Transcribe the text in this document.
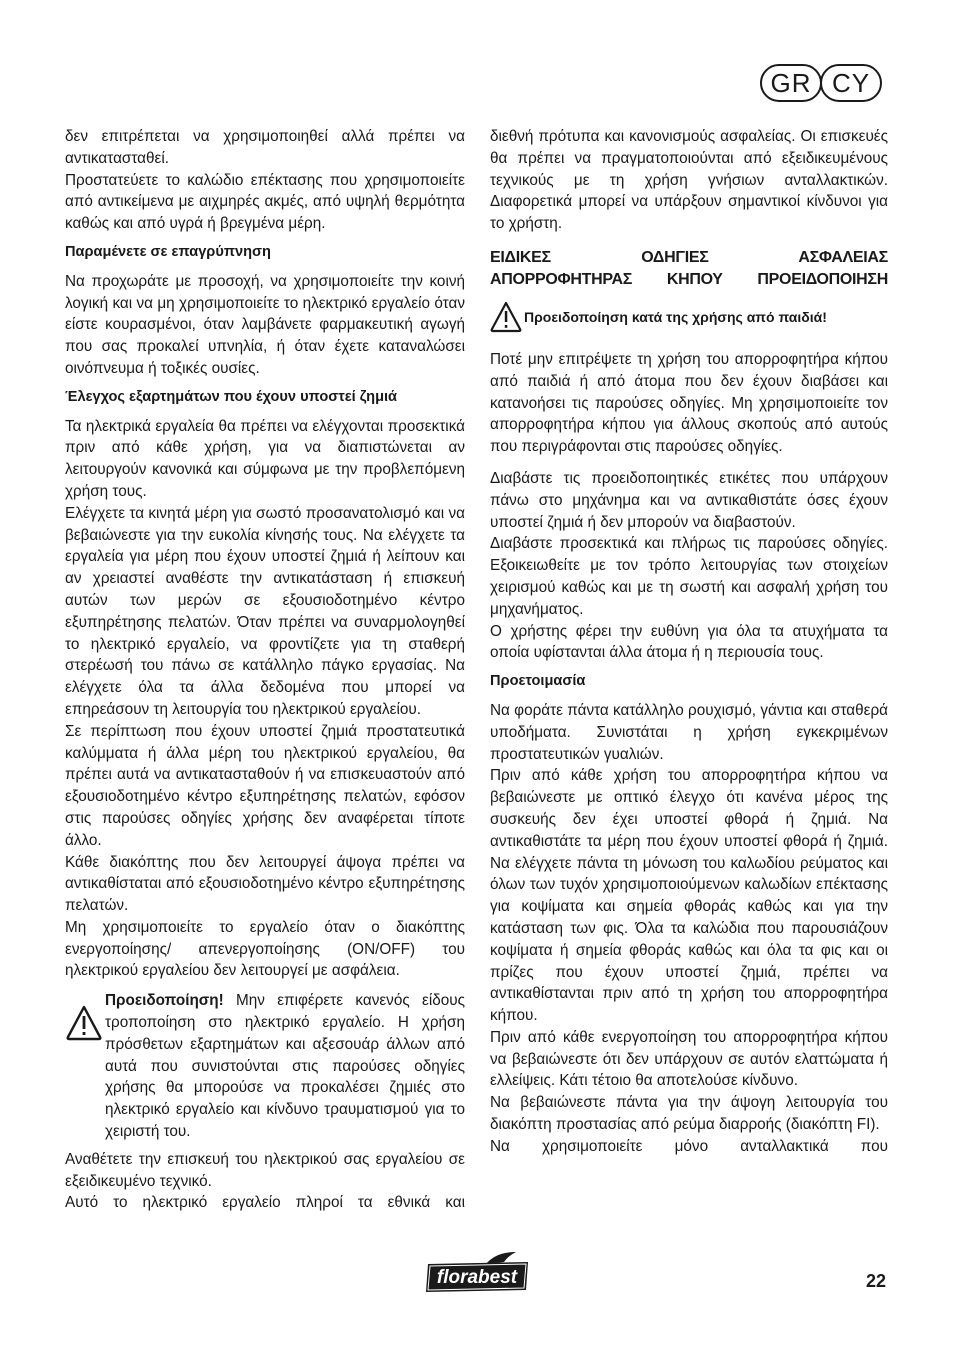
GR CY

δεν επιτρέπεται να χρησιμοποιηθεί αλλά πρέπει να αντικατασταθεί.

Προστατεύετε το καλώδιο επέκτασης που χρησιμοποιείτε από αντικείμενα με αιχμηρές ακμές, από υψηλή θερμότητα καθώς και από υγρά ή βρεγμένα μέρη.

Παραμένετε σε επαγρύπνηση

Να προχωράτε με προσοχή, να χρησιμοποιείτε την κοινή λογική και να μη χρησιμοποιείτε το ηλεκτρικό εργαλείο όταν είστε κουρασμένοι, όταν λαμβάνετε φαρμακευτική αγωγή που σας προκαλεί υπνηλία, ή όταν έχετε καταναλώσει οινόπνευμα ή τοξικές ουσίες.

Έλεγχος εξαρτημάτων που έχουν υποστεί ζημιά

Τα ηλεκτρικά εργαλεία θα πρέπει να ελέγχονται προσεκτικά πριν από κάθε χρήση, για να διαπιστώνεται αν λειτουργούν κανονικά και σύμφωνα με την προβλεπόμενη χρήση τους.

Ελέγχετε τα κινητά μέρη για σωστό προσανατολισμό και να βεβαιώνεστε για την ευκολία κίνησής τους. Να ελέγχετε τα εργαλεία για μέρη που έχουν υποστεί ζημιά ή λείπουν και αν χρειαστεί αναθέστε την αντικατάσταση ή επισκευή αυτών των μερών σε εξουσιοδοτημένο κέντρο εξυπηρέτησης πελατών. Όταν πρέπει να συναρμολογηθεί το ηλεκτρικό εργαλείο, να φροντίζετε για τη σταθερή στερέωσή του πάνω σε κατάλληλο πάγκο εργασίας. Να ελέγχετε όλα τα άλλα δεδομένα που μπορεί να επηρεάσουν τη λειτουργία του ηλεκτρικού εργαλείου.

Σε περίπτωση που έχουν υποστεί ζημιά προστατευτικά καλύμματα ή άλλα μέρη του ηλεκτρικού εργαλείου, θα πρέπει αυτά να αντικατασταθούν ή να επισκευαστούν από εξουσιοδοτημένο κέντρο εξυπηρέτησης πελατών, εφόσον στις παρούσες οδηγίες χρήσης δεν αναφέρεται τίποτε άλλο.

Κάθε διακόπτης που δεν λειτουργεί άψογα πρέπει να αντικαθίσταται από εξουσιοδοτημένο κέντρο εξυπηρέτησης πελατών.

Μη χρησιμοποιείτε το εργαλείο όταν ο διακόπτης ενεργοποίησης/ απενεργοποίησης (ON/OFF) του ηλεκτρικού εργαλείου δεν λειτουργεί με ασφάλεια.

Προειδοποίηση! Μην επιφέρετε κανενός είδους τροποποίηση στο ηλεκτρικό εργαλείο. Η χρήση πρόσθετων εξαρτημάτων και αξεσουάρ άλλων από αυτά που συνιστούνται στις παρούσες οδηγίες χρήσης θα μπορούσε να προκαλέσει ζημιές στο ηλεκτρικό εργαλείο και κίνδυνο τραυματισμού για το χειριστή του.

Αναθέτετε την επισκευή του ηλεκτρικού σας εργαλείου σε εξειδικευμένο τεχνικό.

Αυτό το ηλεκτρικό εργαλείο πληροί τα εθνικά και

διεθνή πρότυπα και κανονισμούς ασφαλείας. Οι επισκευές θα πρέπει να πραγματοποιούνται από εξειδικευμένους τεχνικούς με τη χρήση γνήσιων ανταλλακτικών. Διαφορετικά μπορεί να υπάρξουν σημαντικοί κίνδυνοι για το χρήστη.

ΕΙΔΙΚΕΣ ΟΔΗΓΙΕΣ ΑΣΦΑΛΕΙΑΣ
ΑΠΟΡΡΟΦΗΤΗΡΑΣ ΚΗΠΟΥ ΠΡΟΕΙΔΟΠΟΙΗΣΗ
Προειδοποίηση κατά της χρήσης από παιδιά!

Ποτέ μην επιτρέψετε τη χρήση του απορροφητήρα κήπου από παιδιά ή από άτομα που δεν έχουν διαβάσει και κατανοήσει τις παρούσες οδηγίες. Μη χρησιμοποιείτε τον απορροφητήρα κήπου για άλλους σκοπούς από αυτούς που περιγράφονται στις παρούσες οδηγίες.

Διαβάστε τις προειδοποιητικές ετικέτες που υπάρχουν πάνω στο μηχάνημα και να αντικαθιστάτε όσες έχουν υποστεί ζημιά ή δεν μπορούν να διαβαστούν.

Διαβάστε προσεκτικά και πλήρως τις παρούσες οδηγίες. Εξοικειωθείτε με τον τρόπο λειτουργίας των στοιχείων χειρισμού καθώς και με τη σωστή και ασφαλή χρήση του μηχανήματος.

Ο χρήστης φέρει την ευθύνη για όλα τα ατυχήματα τα οποία υφίστανται άλλα άτομα ή η περιουσία τους.

Προετοιμασία

Να φοράτε πάντα κατάλληλο ρουχισμό, γάντια και σταθερά υποδήματα. Συνιστάται η χρήση εγκεκριμένων προστατευτικών γυαλιών.

Πριν από κάθε χρήση του απορροφητήρα κήπου να βεβαιώνεστε με οπτικό έλεγχο ότι κανένα μέρος της συσκευής δεν έχει υποστεί φθορά ή ζημιά. Να αντικαθιστάτε τα μέρη που έχουν υποστεί φθορά ή ζημιά. Να ελέγχετε πάντα τη μόνωση του καλωδίου ρεύματος και όλων των τυχόν χρησιμοποιούμενων καλωδίων επέκτασης για κοψίματα και σημεία φθοράς καθώς και για την κατάσταση των φις. Όλα τα καλώδια που παρουσιάζουν κοψίματα ή σημεία φθοράς καθώς και όλα τα φις και οι πρίζες που έχουν υποστεί ζημιά, πρέπει να αντικαθίστανται πριν από τη χρήση του απορροφητήρα κήπου.

Πριν από κάθε ενεργοποίηση του απορροφητήρα κήπου να βεβαιώνεστε ότι δεν υπάρχουν σε αυτόν ελαττώματα ή ελλείψεις. Κάτι τέτοιο θα αποτελούσε κίνδυνο.

Να βεβαιώνεστε πάντα για την άψογη λειτουργία του διακόπτη προστασίας από ρεύμα διαρροής (διακόπτη FI).

Να χρησιμοποιείτε μόνο ανταλλακτικά που

florabest	22
